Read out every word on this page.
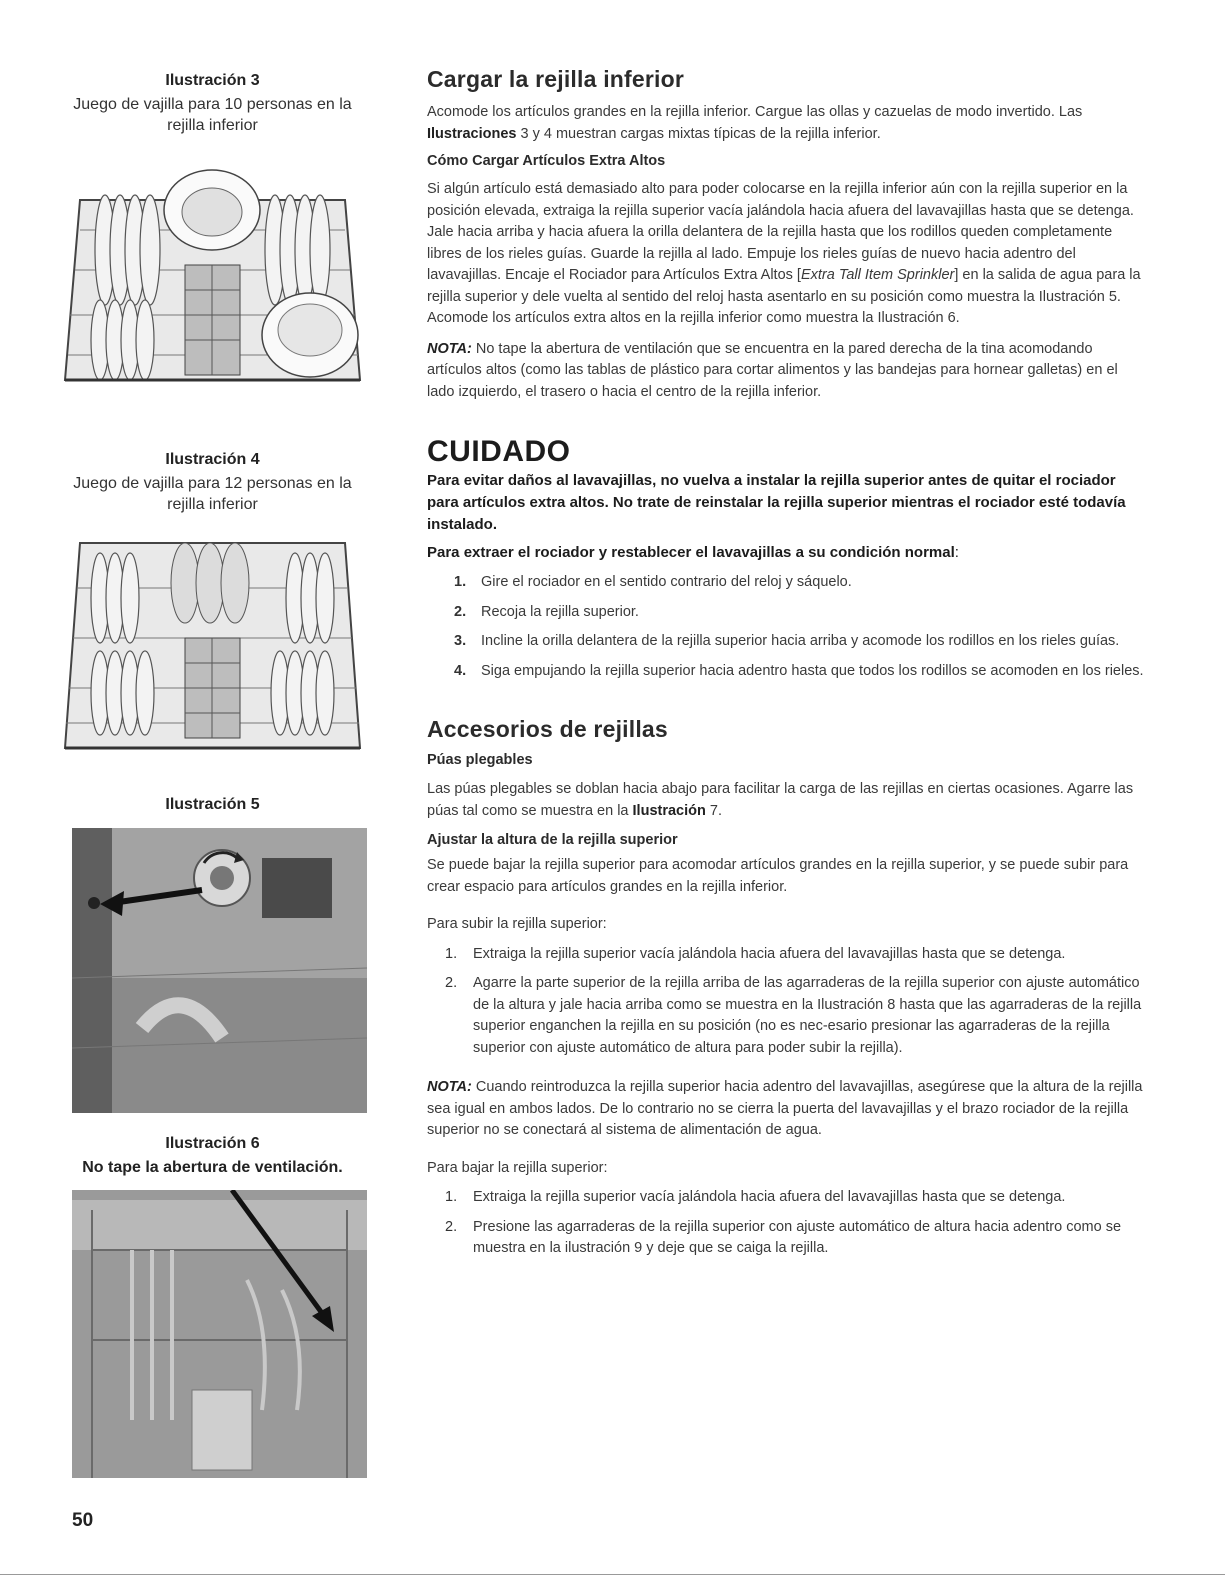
Ilustración 3
Juego de vajilla para 10 personas en la rejilla inferior
Ilustración 4
Juego de vajilla para 12 personas en la rejilla inferior
Ilustración 5
Ilustración 6
No tape la abertura de ventilación.
Cargar la rejilla inferior

Acomode los artículos grandes en la rejilla inferior. Cargue las ollas y cazuelas de modo invertido. Las Ilustraciones 3 y 4 muestran cargas mixtas típicas de la rejilla inferior.

Cómo Cargar Artículos Extra Altos

Si algún artículo está demasiado alto para poder colocarse en la rejilla inferior aún con la rejilla superior en la posición elevada, extraiga la rejilla superior vacía jalándola hacia afuera del lavavajillas hasta que se detenga. Jale hacia arriba y hacia afuera la orilla delantera de la rejilla hasta que los rodillos queden completamente libres de los rieles guías. Guarde la rejilla al lado. Empuje los rieles guías de nuevo hacia adentro del lavavajillas. Encaje el Rociador para Artículos Extra Altos [Extra Tall Item Sprinkler] en la salida de agua para la rejilla superior y dele vuelta al sentido del reloj hasta asentarlo en su posición como muestra la Ilustración 5. Acomode los artículos extra altos en la rejilla inferior como muestra la Ilustración 6.

NOTA: No tape la abertura de ventilación que se encuentra en la pared derecha de la tina acomodando artículos altos (como las tablas de plástico para cortar alimentos y las bandejas para hornear galletas) en el lado izquierdo, el trasero o hacia el centro de la rejilla inferior.

CUIDADO

Para evitar daños al lavavajillas, no vuelva a instalar la rejilla superior antes de quitar el rociador para artículos extra altos. No trate de reinstalar la rejilla superior mientras el rociador esté todavía instalado.

Para extraer el rociador y restablecer el lavavajillas a su condición normal:

1. Gire el rociador en el sentido contrario del reloj y sáquelo.
2. Recoja la rejilla superior.
3. Incline la orilla delantera de la rejilla superior hacia arriba y acomode los rodillos en los rieles guías.
4. Siga empujando la rejilla superior hacia adentro hasta que todos los rodillos se acomoden en los rieles.
Accesorios de rejillas
Púas plegables

Las púas plegables se doblan hacia abajo para facilitar la carga de las rejillas en ciertas ocasiones. Agarre las púas tal como se muestra en la Ilustración 7.

Ajustar la altura de la rejilla superior

Se puede bajar la rejilla superior para acomodar artículos grandes en la rejilla superior, y se puede subir para crear espacio para artículos grandes en la rejilla inferior.

Para subir la rejilla superior:

1. Extraiga la rejilla superior vacía jalándola hacia afuera del lavavajillas hasta que se detenga.
2. Agarre la parte superior de la rejilla arriba de las agarraderas de la rejilla superior con ajuste automático de la altura y jale hacia arriba como se muestra en la Ilustración 8 hasta que las agarraderas de la rejilla superior enganchen la rejilla en su posición (no es nec-esario presionar las agarraderas de la rejilla superior con ajuste automático de altura para poder subir la rejilla).

NOTA: Cuando reintroduzca la rejilla superior hacia adentro del lavavajillas, asegúrese que la altura de la rejilla sea igual en ambos lados. De lo contrario no se cierra la puerta del lavavajillas y el brazo rociador de la rejilla superior no se conectará al sistema de alimentación de agua.

Para bajar la rejilla superior:

1. Extraiga la rejilla superior vacía jalándola hacia afuera del lavavajillas hasta que se detenga.
2. Presione las agarraderas de la rejilla superior con ajuste automático de altura hacia adentro como se muestra en la ilustración 9 y deje que se caiga la rejilla.
50
